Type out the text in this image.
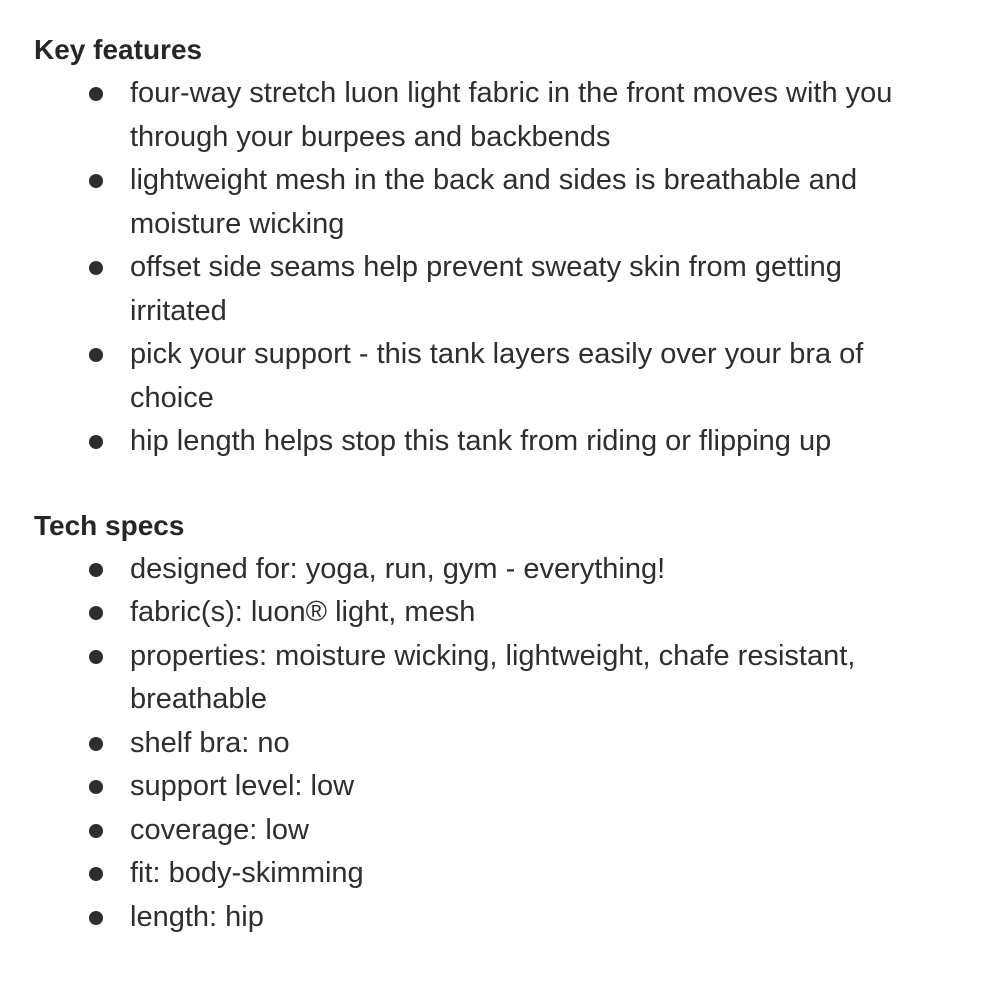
Key features
four-way stretch luon light fabric in the front moves with you through your burpees and backbends
lightweight mesh in the back and sides is breathable and moisture wicking
offset side seams help prevent sweaty skin from getting irritated
pick your support - this tank layers easily over your bra of choice
hip length helps stop this tank from riding or flipping up
Tech specs
designed for: yoga, run, gym - everything!
fabric(s): luon® light, mesh
properties: moisture wicking, lightweight, chafe resistant, breathable
shelf bra: no
support level: low
coverage: low
fit: body-skimming
length: hip
